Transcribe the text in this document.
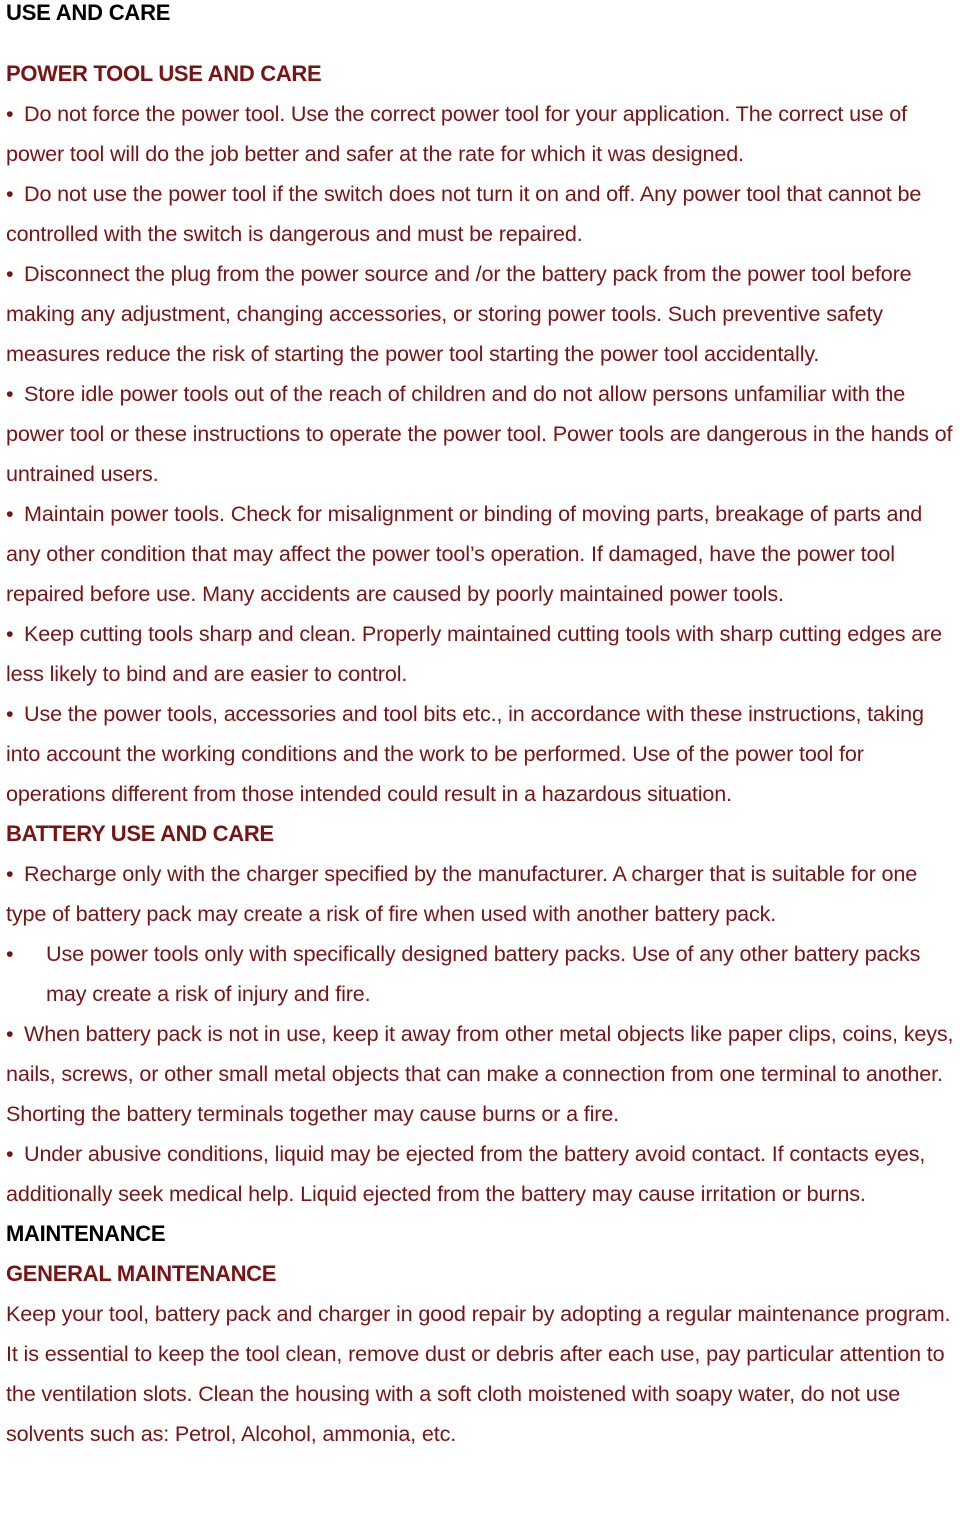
USE AND CARE
POWER TOOL USE AND CARE

• Do not force the power tool. Use the correct power tool for your application. The correct use of power tool will do the job better and safer at the rate for which it was designed.

• Do not use the power tool if the switch does not turn it on and off. Any power tool that cannot be controlled with the switch is dangerous and must be repaired.

• Disconnect the plug from the power source and /or the battery pack from the power tool before making any adjustment, changing accessories, or storing power tools. Such preventive safety measures reduce the risk of starting the power tool starting the power tool accidentally.

• Store idle power tools out of the reach of children and do not allow persons unfamiliar with the power tool or these instructions to operate the power tool. Power tools are dangerous in the hands of untrained users.

• Maintain power tools. Check for misalignment or binding of moving parts, breakage of parts and any other condition that may affect the power tool’s operation. If damaged, have the power tool repaired before use. Many accidents are caused by poorly maintained power tools.

• Keep cutting tools sharp and clean. Properly maintained cutting tools with sharp cutting edges are less likely to bind and are easier to control.

• Use the power tools, accessories and tool bits etc., in accordance with these instructions, taking into account the working conditions and the work to be performed. Use of the power tool for operations different from those intended could result in a hazardous situation.

BATTERY USE AND CARE

• Recharge only with the charger specified by the manufacturer. A charger that is suitable for one type of battery pack may create a risk of fire when used with another battery pack.

•	Use power tools only with specifically designed battery packs. Use of any other battery packs may create a risk of injury and fire.

• When battery pack is not in use, keep it away from other metal objects like paper clips, coins, keys, nails, screws, or other small metal objects that can make a connection from one terminal to another. Shorting the battery terminals together may cause burns or a fire.

• Under abusive conditions, liquid may be ejected from the battery avoid contact. If contacts eyes, additionally seek medical help. Liquid ejected from the battery may cause irritation or burns.

MAINTENANCE
GENERAL MAINTENANCE

Keep your tool, battery pack and charger in good repair by adopting a regular maintenance program.

It is essential to keep the tool clean, remove dust or debris after each use, pay particular attention to the ventilation slots. Clean the housing with a soft cloth moistened with soapy water, do not use solvents such as: Petrol, Alcohol, ammonia, etc.
